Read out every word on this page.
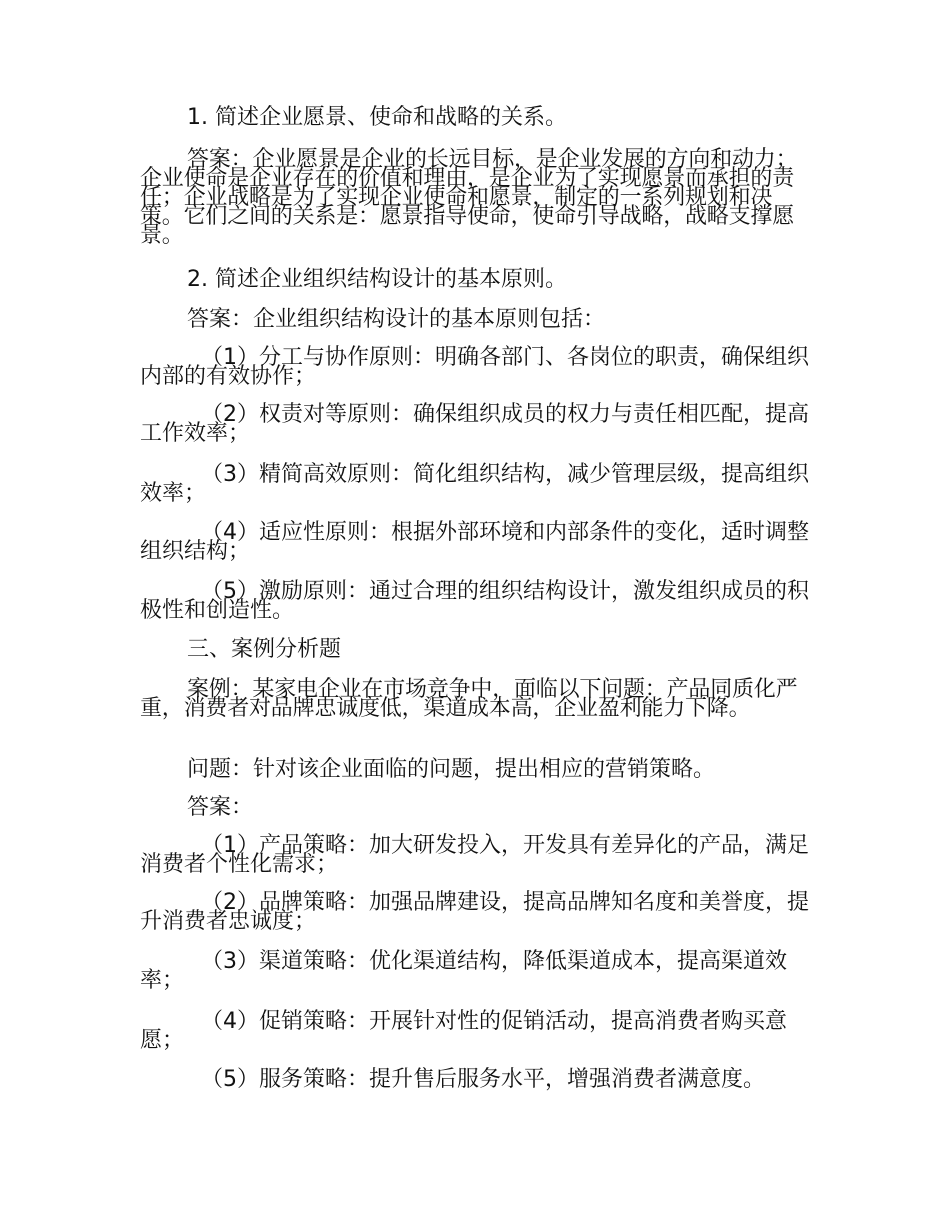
1. 简述企业愿景、使命和战略的关系。
答案：企业愿景是企业的长远目标，是企业发展的方向和动力；企业使命是企业存在的价值和理由，是企业为了实现愿景而承担的责任；企业战略是为了实现企业使命和愿景，制定的一系列规划和决策。它们之间的关系是：愿景指导使命，使命引导战略，战略支撑愿景。
2. 简述企业组织结构设计的基本原则。
答案：企业组织结构设计的基本原则包括：
（1）分工与协作原则：明确各部门、各岗位的职责，确保组织内部的有效协作；
（2）权责对等原则：确保组织成员的权力与责任相匹配，提高工作效率；
（3）精简高效原则：简化组织结构，减少管理层级，提高组织效率；
（4）适应性原则：根据外部环境和内部条件的变化，适时调整组织结构；
（5）激励原则：通过合理的组织结构设计，激发组织成员的积极性和创造性。
三、案例分析题
案例：某家电企业在市场竞争中，面临以下问题：产品同质化严重，消费者对品牌忠诚度低，渠道成本高，企业盈利能力下降。
问题：针对该企业面临的问题，提出相应的营销策略。
答案：
（1）产品策略：加大研发投入，开发具有差异化的产品，满足消费者个性化需求；
（2）品牌策略：加强品牌建设，提高品牌知名度和美誉度，提升消费者忠诚度；
（3）渠道策略：优化渠道结构，降低渠道成本，提高渠道效率；
（4）促销策略：开展针对性的促销活动，提高消费者购买意愿；
（5）服务策略：提升售后服务水平，增强消费者满意度。
